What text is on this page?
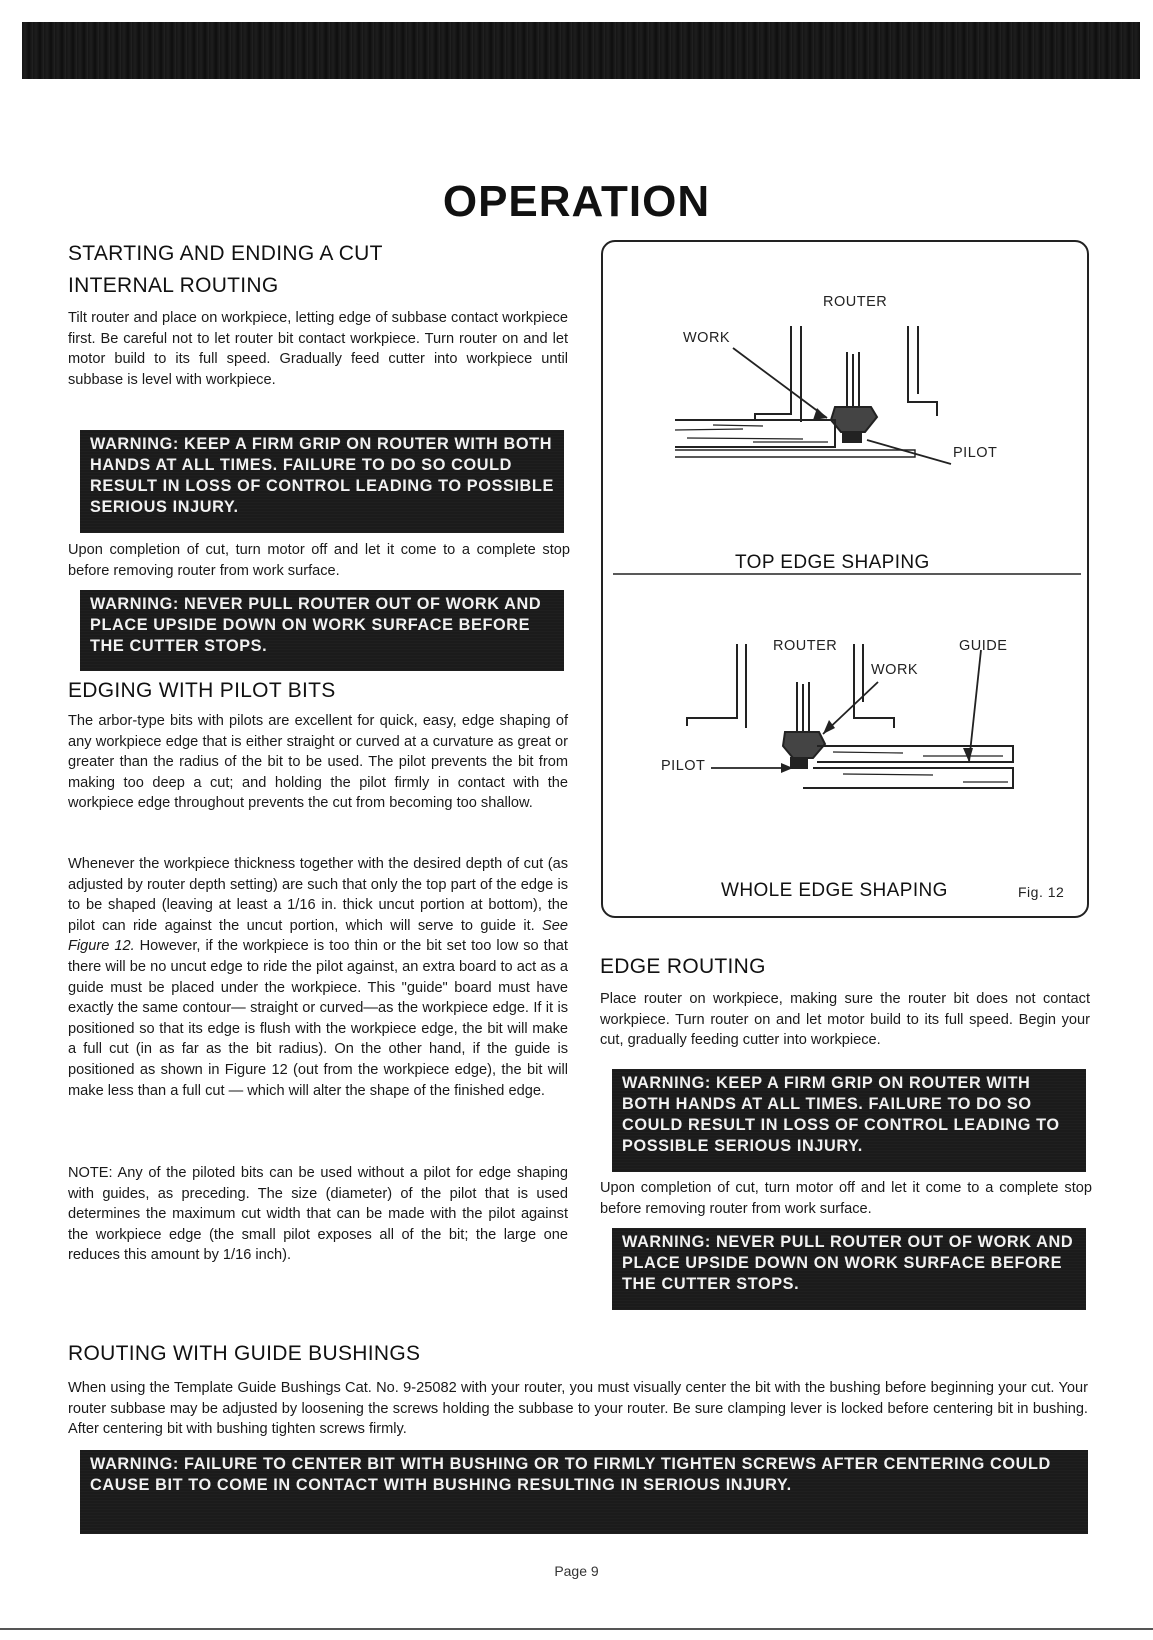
OPERATION
STARTING AND ENDING A CUT
INTERNAL ROUTING
Tilt router and place on workpiece, letting edge of subbase contact workpiece first. Be careful not to let router bit contact workpiece. Turn router on and let motor build to its full speed. Gradually feed cutter into workpiece until subbase is level with workpiece.
WARNING: KEEP A FIRM GRIP ON ROUTER WITH BOTH HANDS AT ALL TIMES. FAILURE TO DO SO COULD RESULT IN LOSS OF CONTROL LEADING TO POSSIBLE SERIOUS INJURY.
Upon completion of cut, turn motor off and let it come to a complete stop before removing router from work surface.
WARNING: NEVER PULL ROUTER OUT OF WORK AND PLACE UPSIDE DOWN ON WORK SURFACE BEFORE THE CUTTER STOPS.
EDGING WITH PILOT BITS
The arbor-type bits with pilots are excellent for quick, easy, edge shaping of any workpiece edge that is either straight or curved at a curvature as great or greater than the radius of the bit to be used. The pilot prevents the bit from making too deep a cut; and holding the pilot firmly in contact with the workpiece edge throughout prevents the cut from becoming too shallow.
Whenever the workpiece thickness together with the desired depth of cut (as adjusted by router depth setting) are such that only the top part of the edge is to be shaped (leaving at least a 1/16 in. thick uncut portion at bottom), the pilot can ride against the uncut portion, which will serve to guide it. See Figure 12. However, if the workpiece is too thin or the bit set too low so that there will be no uncut edge to ride the pilot against, an extra board to act as a guide must be placed under the workpiece. This "guide" board must have exactly the same contour— straight or curved—as the workpiece edge. If it is positioned so that its edge is flush with the workpiece edge, the bit will make a full cut (in as far as the bit radius). On the other hand, if the guide is positioned as shown in Figure 12 (out from the workpiece edge), the bit will make less than a full cut — which will alter the shape of the finished edge.
NOTE: Any of the piloted bits can be used without a pilot for edge shaping with guides, as preceding. The size (diameter) of the pilot that is used determines the maximum cut width that can be made with the pilot against the workpiece edge (the small pilot exposes all of the bit; the large one reduces this amount by 1/16 inch).
ROUTER
WORK
PILOT
TOP EDGE SHAPING
ROUTER	GUIDE
WORK
PILOT
WHOLE EDGE SHAPING	Fig. 12
EDGE ROUTING
Place router on workpiece, making sure the router bit does not contact workpiece. Turn router on and let motor build to its full speed. Begin your cut, gradually feeding cutter into workpiece.
WARNING: KEEP A FIRM GRIP ON ROUTER WITH BOTH HANDS AT ALL TIMES. FAILURE TO DO SO COULD RESULT IN LOSS OF CONTROL LEADING TO POSSIBLE SERIOUS INJURY.
Upon completion of cut, turn motor off and let it come to a complete stop before removing router from work surface.
WARNING: NEVER PULL ROUTER OUT OF WORK AND PLACE UPSIDE DOWN ON WORK SURFACE BEFORE THE CUTTER STOPS.
ROUTING WITH GUIDE BUSHINGS
When using the Template Guide Bushings Cat. No. 9-25082 with your router, you must visually center the bit with the bushing before beginning your cut. Your router subbase may be adjusted by loosening the screws holding the subbase to your router. Be sure clamping lever is locked before centering bit in bushing. After centering bit with bushing tighten screws firmly.
WARNING: FAILURE TO CENTER BIT WITH BUSHING OR TO FIRMLY TIGHTEN SCREWS AFTER CENTERING COULD CAUSE BIT TO COME IN CONTACT WITH BUSHING RESULTING IN SERIOUS INJURY.
Page 9
